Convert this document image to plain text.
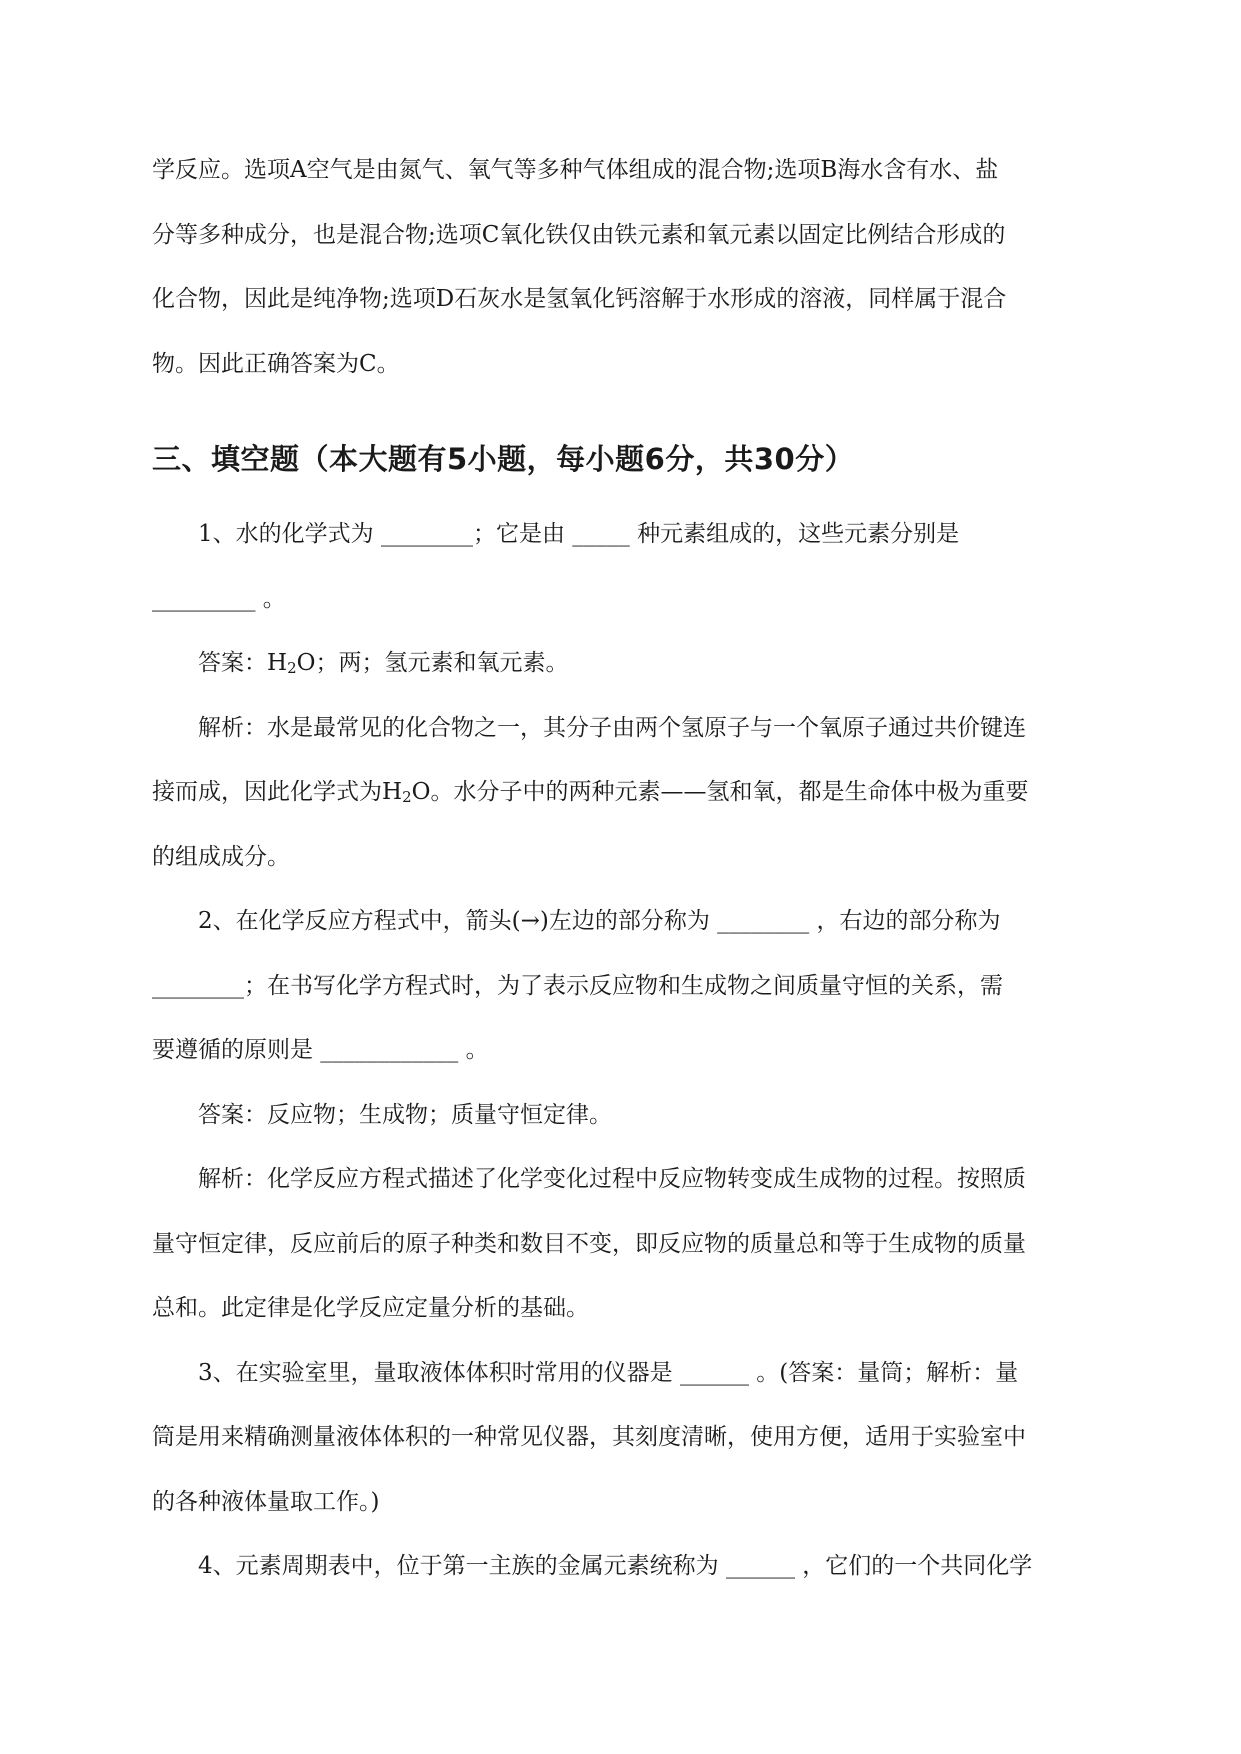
学反应。选项A空气是由氮气、氧气等多种气体组成的混合物;选项B海水含有水、盐

分等多种成分，也是混合物;选项C氧化铁仅由铁元素和氧元素以固定比例结合形成的

化合物，因此是纯净物;选项D石灰水是氢氧化钙溶解于水形成的溶液，同样属于混合

物。因此正确答案为C。

三、填空题（本大题有5小题，每小题6分，共30分）

1、水的化学式为 ________；它是由 _____ 种元素组成的，这些元素分别是

_________ 。

答案：$H_2O$；两；氢元素和氧元素。

解析：水是最常见的化合物之一，其分子由两个氢原子与一个氧原子通过共价键连

接而成，因此化学式为$H_2O$。水分子中的两种元素——氢和氧，都是生命体中极为重要

的组成成分。

2、在化学反应方程式中，箭头(→)左边的部分称为 ________ ，右边的部分称为

________；在书写化学方程式时，为了表示反应物和生成物之间质量守恒的关系，需

要遵循的原则是 ____________ 。

答案：反应物；生成物；质量守恒定律。

解析：化学反应方程式描述了化学变化过程中反应物转变成生成物的过程。按照质

量守恒定律，反应前后的原子种类和数目不变，即反应物的质量总和等于生成物的质量

总和。此定律是化学反应定量分析的基础。

3、在实验室里，量取液体体积时常用的仪器是 ______ 。(答案：量筒；解析：量

筒是用来精确测量液体体积的一种常见仪器，其刻度清晰，使用方便，适用于实验室中

的各种液体量取工作。)

4、元素周期表中，位于第一主族的金属元素统称为 ______ ，它们的一个共同化学
